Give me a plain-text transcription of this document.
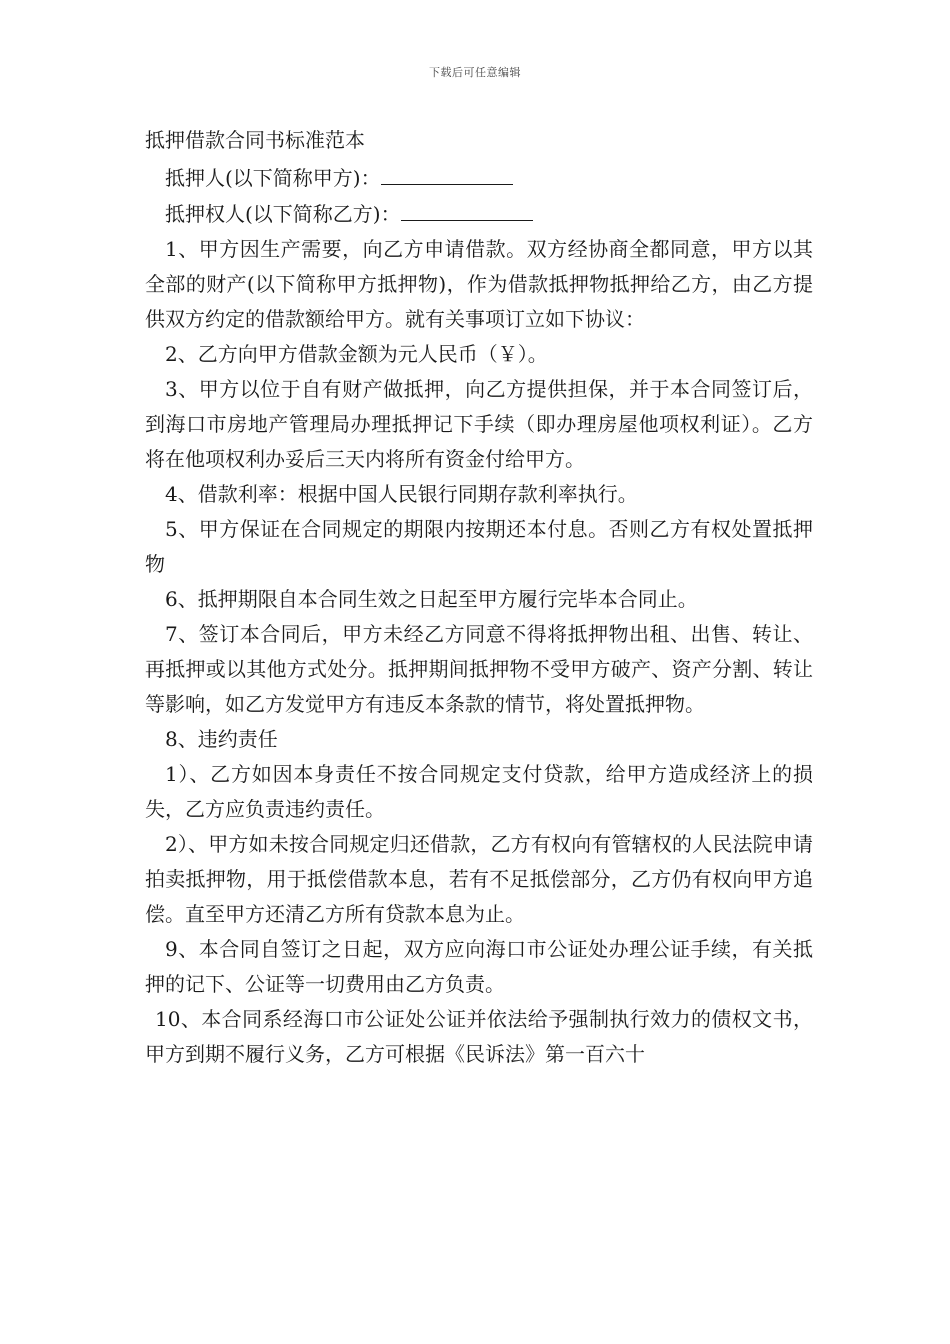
下载后可任意编辑
抵押借款合同书标准范本
抵押人(以下简称甲方)：
抵押权人(以下简称乙方)：

1、甲方因生产需要，向乙方申请借款。双方经协商全都同意，甲方以其全部的财产(以下简称甲方抵押物)，作为借款抵押物抵押给乙方，由乙方提供双方约定的借款额给甲方。就有关事项订立如下协议：

2、乙方向甲方借款金额为元人民币（￥）。

3、甲方以位于自有财产做抵押，向乙方提供担保，并于本合同签订后，到海口市房地产管理局办理抵押记下手续（即办理房屋他项权利证）。乙方将在他项权利办妥后三天内将所有资金付给甲方。

4、借款利率：根据中国人民银行同期存款利率执行。

5、甲方保证在合同规定的期限内按期还本付息。否则乙方有权处置抵押物

6、抵押期限自本合同生效之日起至甲方履行完毕本合同止。

7、签订本合同后，甲方未经乙方同意不得将抵押物出租、出售、转让、再抵押或以其他方式处分。抵押期间抵押物不受甲方破产、资产分割、转让等影响，如乙方发觉甲方有违反本条款的情节，将处置抵押物。

8、违约责任

1）、乙方如因本身责任不按合同规定支付贷款，给甲方造成经济上的损失，乙方应负责违约责任。

2）、甲方如未按合同规定归还借款，乙方有权向有管辖权的人民法院申请拍卖抵押物，用于抵偿借款本息，若有不足抵偿部分，乙方仍有权向甲方追偿。直至甲方还清乙方所有贷款本息为止。

9、本合同自签订之日起，双方应向海口市公证处办理公证手续，有关抵押的记下、公证等一切费用由乙方负责。

10、本合同系经海口市公证处公证并依法给予强制执行效力的债权文书，甲方到期不履行义务，乙方可根据《民诉法》第一百六十
